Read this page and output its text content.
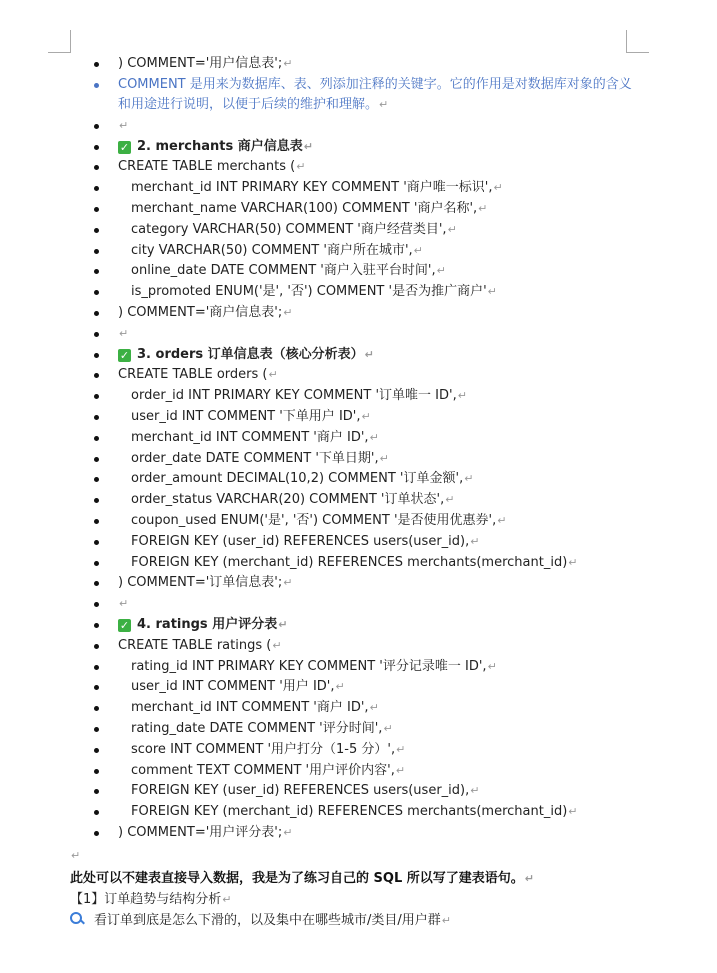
) COMMENT='用户信息表';↵
COMMENT 是用来为数据库、表、列添加注释的关键字。它的作用是对数据库对象的含义和用途进行说明，以便于后续的维护和理解。↵
↵
✓ 2. merchants 商户信息表↵
CREATE TABLE merchants (↵
merchant_id INT PRIMARY KEY COMMENT '商户唯一标识',↵
merchant_name VARCHAR(100) COMMENT '商户名称',↵
category VARCHAR(50) COMMENT '商户经营类目',↵
city VARCHAR(50) COMMENT '商户所在城市',↵
online_date DATE COMMENT '商户入驻平台时间',↵
is_promoted ENUM('是', '否') COMMENT '是否为推广商户'↵
) COMMENT='商户信息表';↵
↵
✓ 3. orders 订单信息表（核心分析表）↵
CREATE TABLE orders (↵
order_id INT PRIMARY KEY COMMENT '订单唯一 ID',↵
user_id INT COMMENT '下单用户 ID',↵
merchant_id INT COMMENT '商户 ID',↵
order_date DATE COMMENT '下单日期',↵
order_amount DECIMAL(10,2) COMMENT '订单金额',↵
order_status VARCHAR(20) COMMENT '订单状态',↵
coupon_used ENUM('是', '否') COMMENT '是否使用优惠券',↵
FOREIGN KEY (user_id) REFERENCES users(user_id),↵
FOREIGN KEY (merchant_id) REFERENCES merchants(merchant_id)↵
) COMMENT='订单信息表';↵
↵
✓ 4. ratings 用户评分表↵
CREATE TABLE ratings (↵
rating_id INT PRIMARY KEY COMMENT '评分记录唯一 ID',↵
user_id INT COMMENT '用户 ID',↵
merchant_id INT COMMENT '商户 ID',↵
rating_date DATE COMMENT '评分时间',↵
score INT COMMENT '用户打分（1-5 分）',↵
comment TEXT COMMENT '用户评价内容',↵
FOREIGN KEY (user_id) REFERENCES users(user_id),↵
FOREIGN KEY (merchant_id) REFERENCES merchants(merchant_id)↵
) COMMENT='用户评分表';↵
↵
此处可以不建表直接导入数据，我是为了练习自己的 SQL 所以写了建表语句。↵
【1】订单趋势与结构分析↵
看订单到底是怎么下滑的，以及集中在哪些城市/类目/用户群↵
